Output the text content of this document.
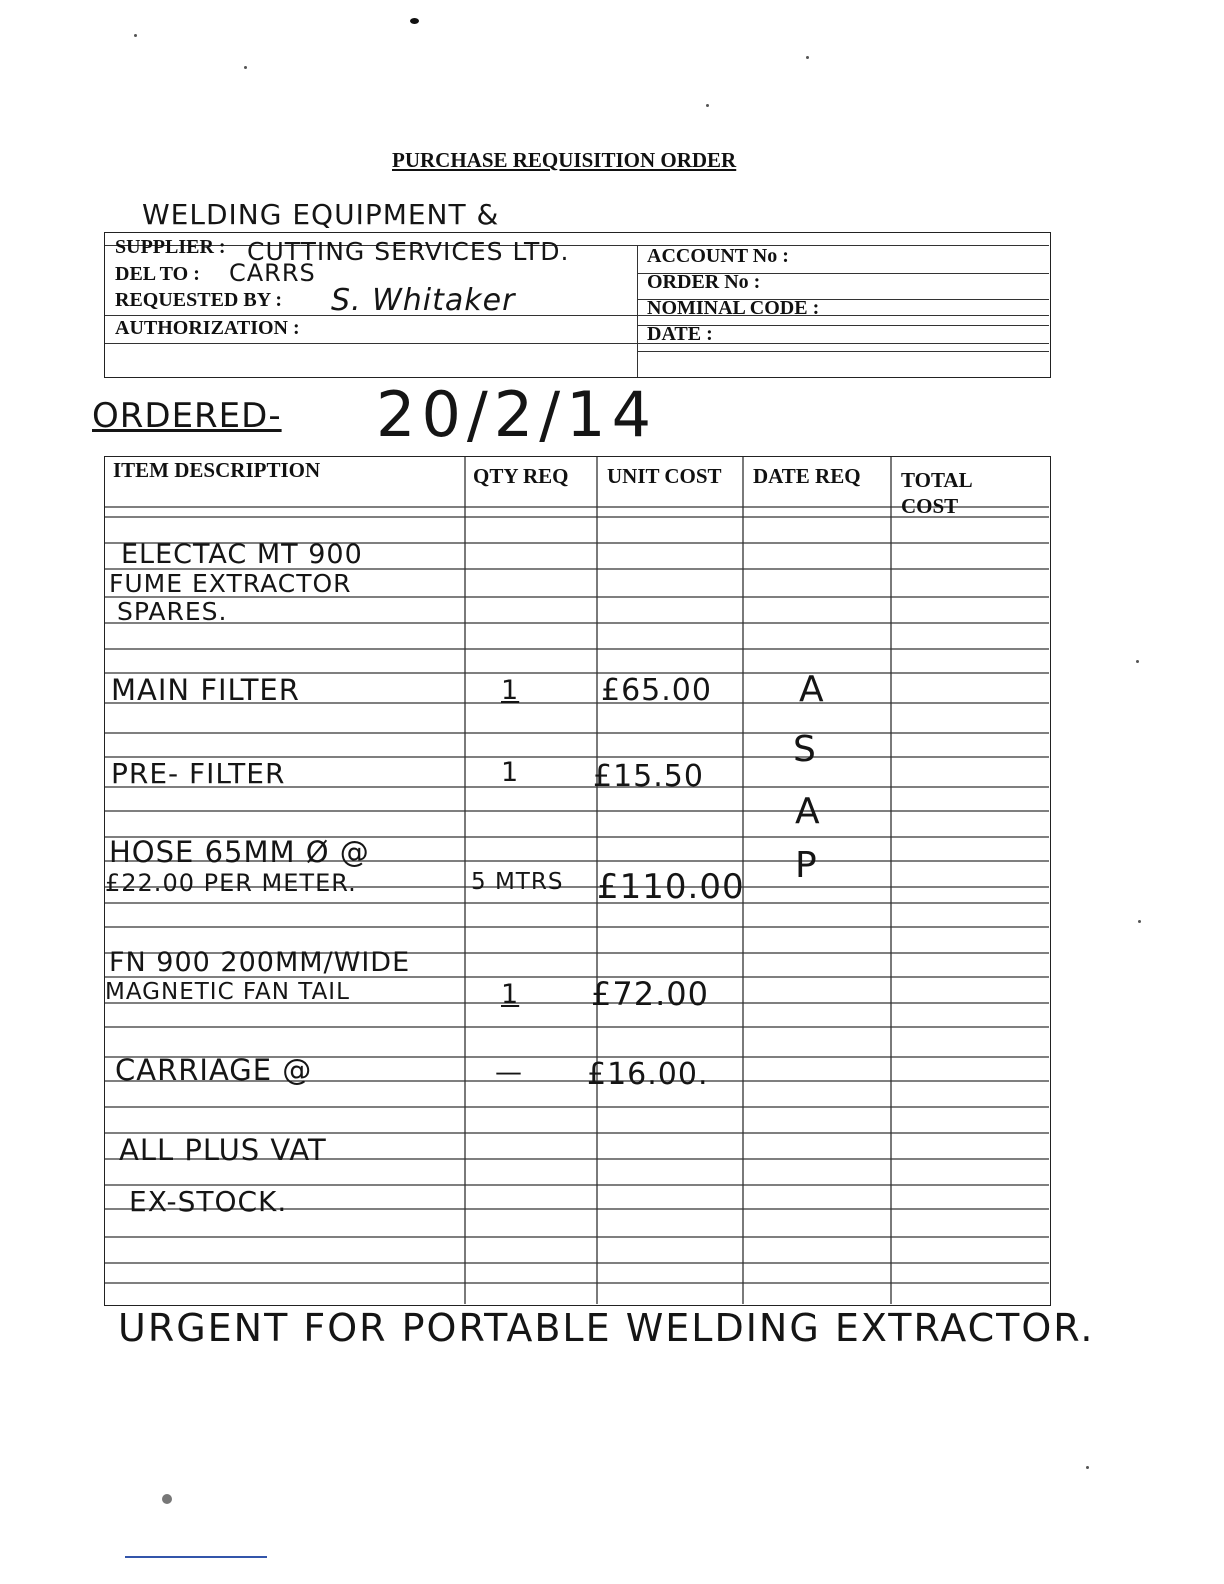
PURCHASE REQUISITION ORDER
WELDING EQUIPMENT &
SUPPLIER : CUTTING SERVICES LTD.
DEL TO : CARRS
REQUESTED BY : S. Whitaker
AUTHORIZATION :
ACCOUNT No :
ORDER No :
NOMINAL CODE :
DATE :
ORDERED- 20/2/14
ITEM DESCRIPTION	QTY REQ UNIT COST DATE REQ TOTAL COST
ELECTAC MT 900
FUME EXTRACTOR
SPARES.
MAIN FILTER
PRE- FILTER
HOSE 65MM Ø @
£22.00 PER METER.
FN 900 200MM/WIDE
MAGNETIC FAN TAIL
CARRIAGE @
ALL PLUS VAT
EX-STOCK.
1
1
5 MTRS
1
—
£65.00
£15.50
£110.00
£72.00
£16.00.
A
S
A
P
URGENT FOR PORTABLE WELDING EXTRACTOR.
